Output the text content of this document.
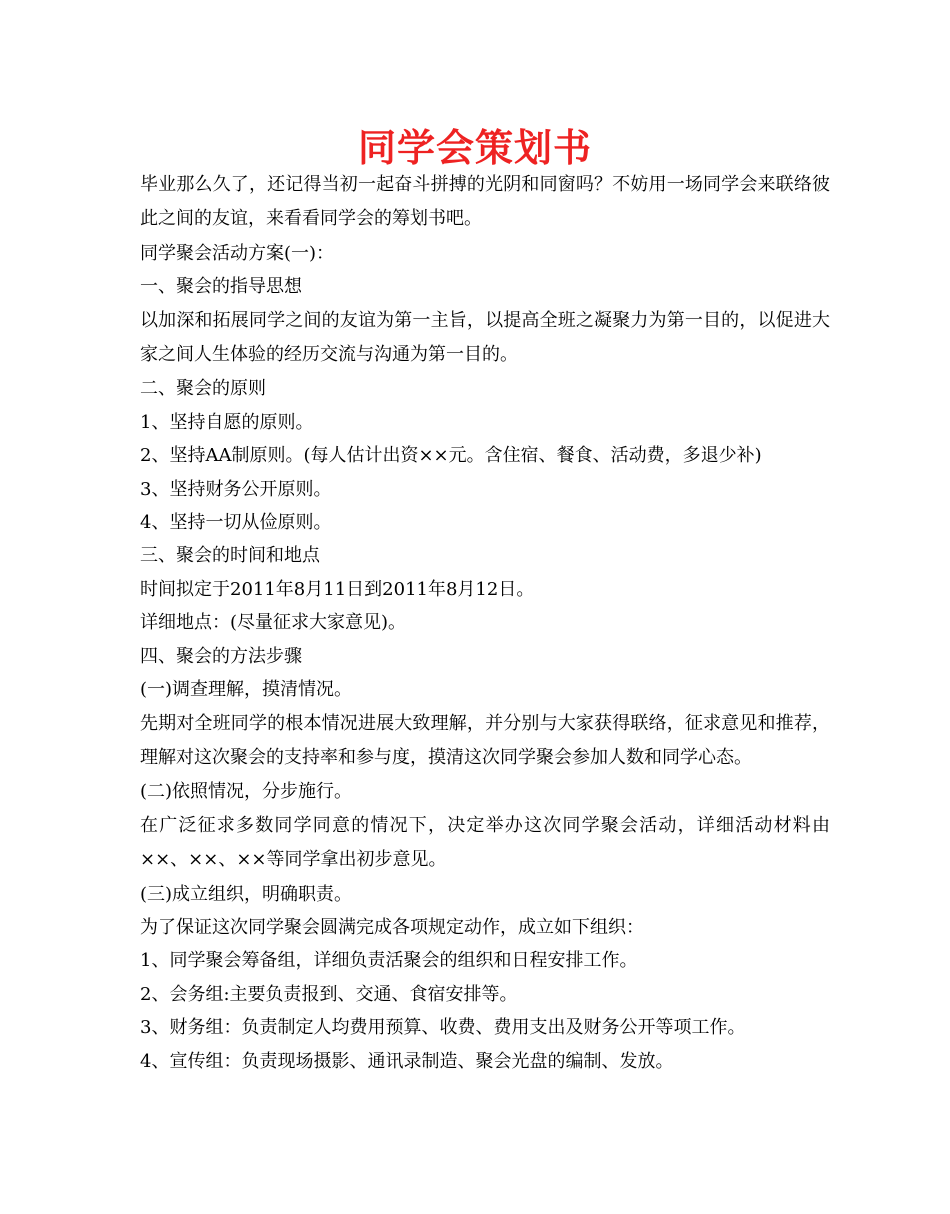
同学会策划书

毕业那么久了，还记得当初一起奋斗拼搏的光阴和同窗吗？不妨用一场同学会来联络彼此之间的友谊，来看看同学会的筹划书吧。

同学聚会活动方案(一)：

一、聚会的指导思想

以加深和拓展同学之间的友谊为第一主旨，以提高全班之凝聚力为第一目的，以促进大家之间人生体验的经历交流与沟通为第一目的。

二、聚会的原则

1、坚持自愿的原则。

2、坚持AA制原则。(每人估计出资××元。含住宿、餐食、活动费，多退少补)

3、坚持财务公开原则。

4、坚持一切从俭原则。

三、聚会的时间和地点

时间拟定于2011年8月11日到2011年8月12日。

详细地点：(尽量征求大家意见)。

四、聚会的方法步骤

(一)调查理解，摸清情况。

先期对全班同学的根本情况进展大致理解，并分别与大家获得联络，征求意见和推荐，理解对这次聚会的支持率和参与度，摸清这次同学聚会参加人数和同学心态。

(二)依照情况，分步施行。

在广泛征求多数同学同意的情况下，决定举办这次同学聚会活动，详细活动材料由××、××、××等同学拿出初步意见。

(三)成立组织，明确职责。

为了保证这次同学聚会圆满完成各项规定动作，成立如下组织：

1、同学聚会筹备组，详细负责活聚会的组织和日程安排工作。

2、会务组:主要负责报到、交通、食宿安排等。

3、财务组：负责制定人均费用预算、收费、费用支出及财务公开等项工作。

4、宣传组：负责现场摄影、通讯录制造、聚会光盘的编制、发放。
